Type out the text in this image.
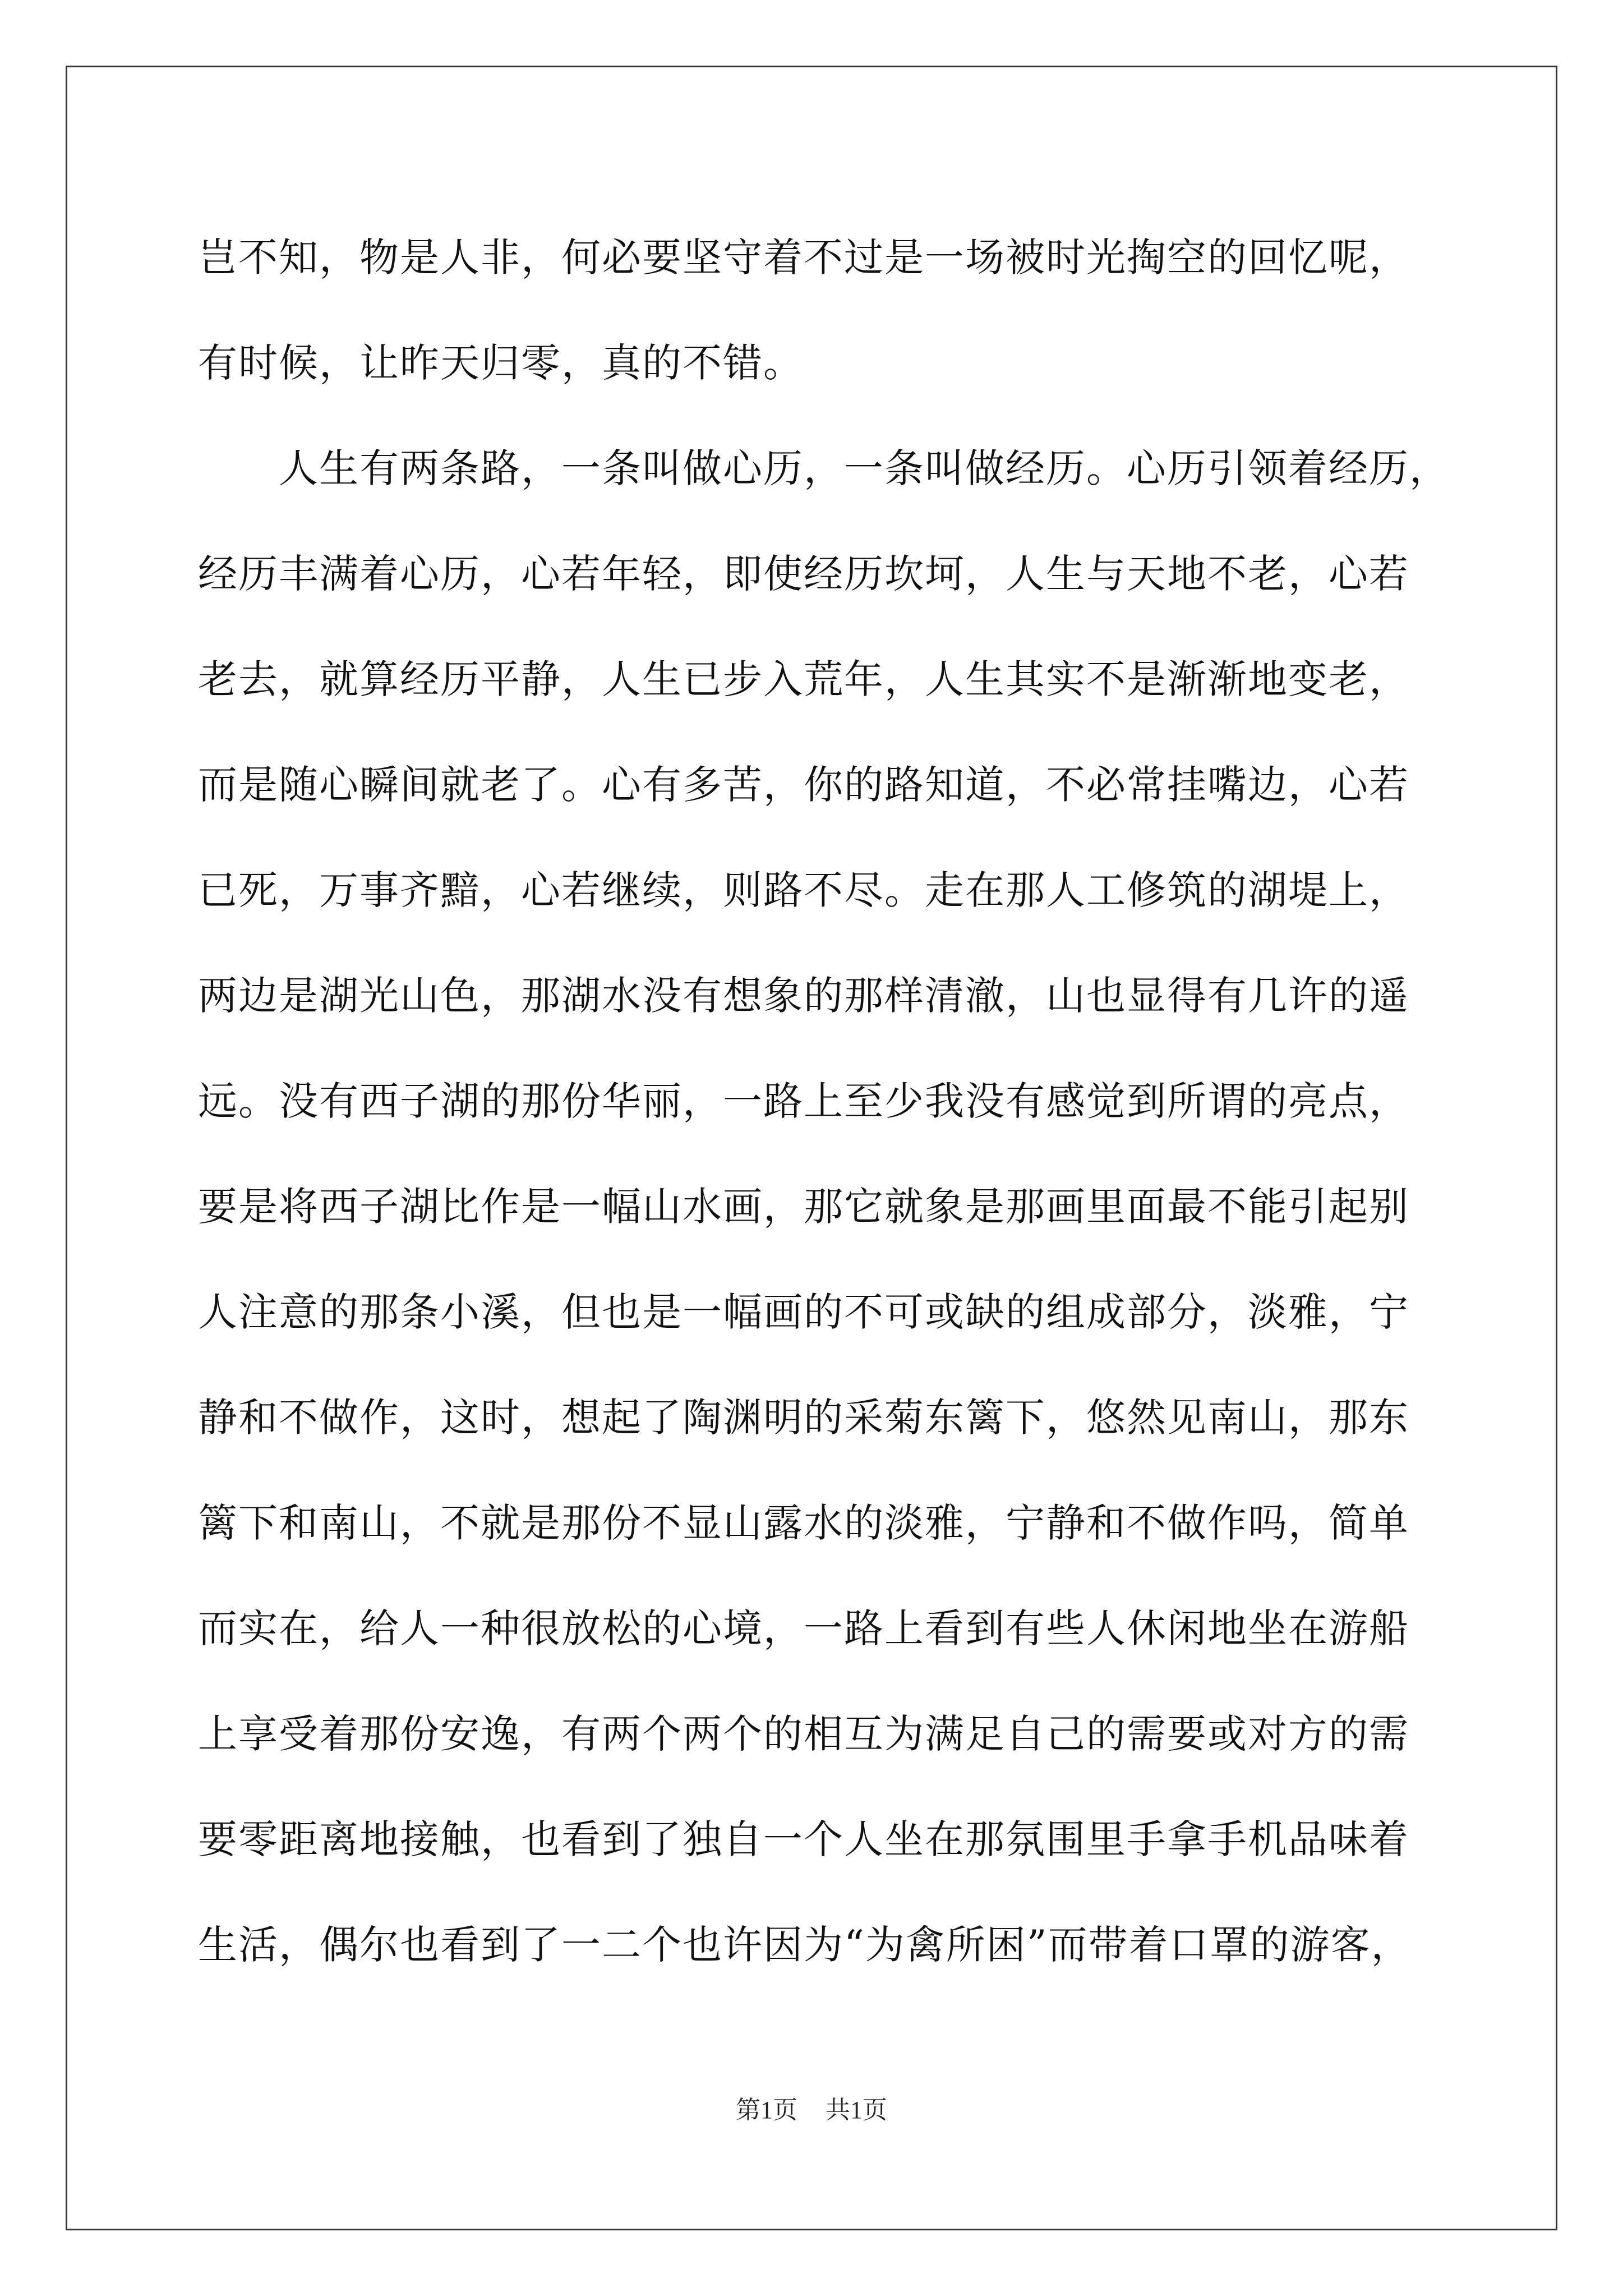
岂不知，物是人非，何必要坚守着不过是一场被时光掏空的回忆呢，
有时候，让昨天归零，真的不错。
　　人生有两条路，一条叫做心历，一条叫做经历。心历引领着经历，
经历丰满着心历，心若年轻，即使经历坎坷，人生与天地不老，心若
老去，就算经历平静，人生已步入荒年，人生其实不是渐渐地变老，
而是随心瞬间就老了。心有多苦，你的路知道，不必常挂嘴边，心若
已死，万事齐黯，心若继续，则路不尽。走在那人工修筑的湖堤上，
两边是湖光山色，那湖水没有想象的那样清澈，山也显得有几许的遥
远。没有西子湖的那份华丽，一路上至少我没有感觉到所谓的亮点，
要是将西子湖比作是一幅山水画，那它就象是那画里面最不能引起别
人注意的那条小溪，但也是一幅画的不可或缺的组成部分，淡雅，宁
静和不做作，这时，想起了陶渊明的采菊东篱下，悠然见南山，那东
篱下和南山，不就是那份不显山露水的淡雅，宁静和不做作吗，简单
而实在，给人一种很放松的心境，一路上看到有些人休闲地坐在游船
上享受着那份安逸，有两个两个的相互为满足自己的需要或对方的需
要零距离地接触，也看到了独自一个人坐在那氛围里手拿手机品味着
生活，偶尔也看到了一二个也许因为“为禽所困”而带着口罩的游客，
第1页 共1页
